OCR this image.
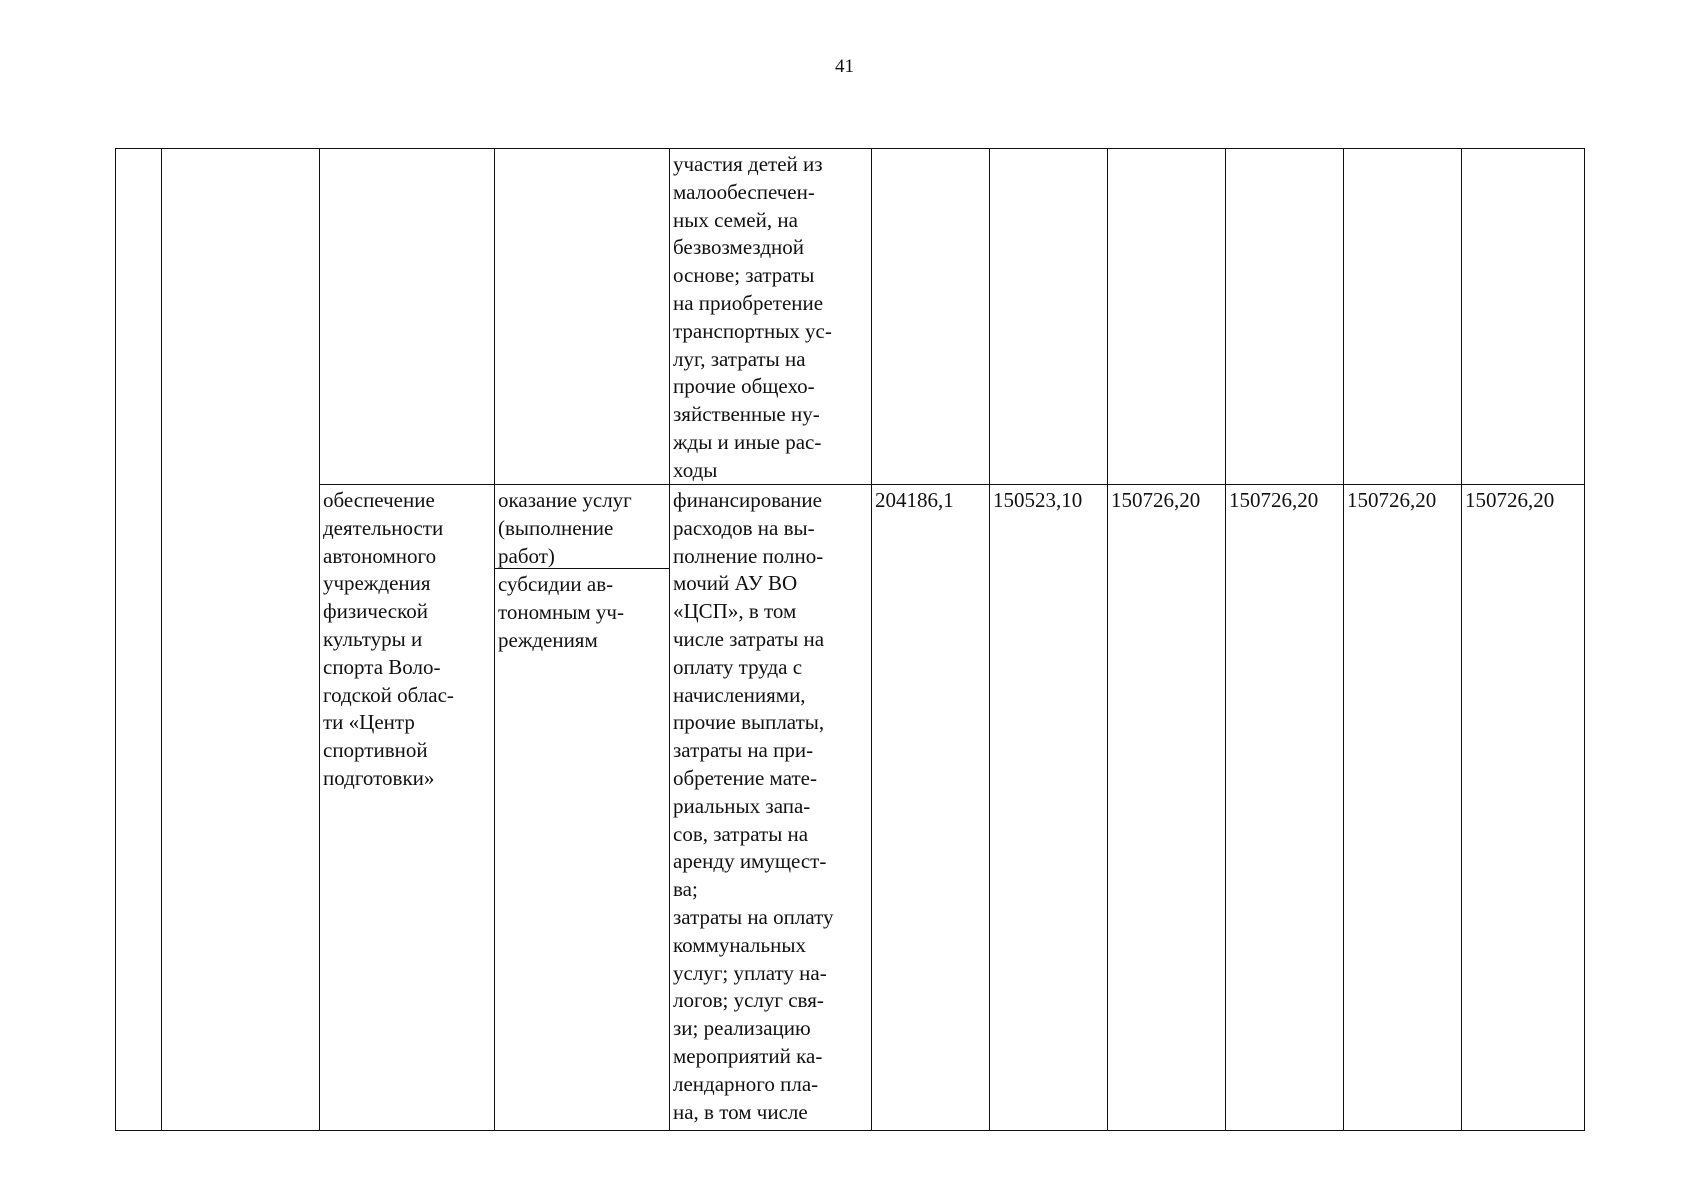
41
участия детей из
малообеспечен-
ных семей, на
безвозмездной
основе; затраты
на приобретение
транспортных ус-
луг, затраты на
прочие общехо-
зяйственные ну-
жды и иные рас-
ходы
обеспечение
деятельности
автономного
учреждения
физической
культуры и
спорта Воло-
годской облас-
ти «Центр
спортивной
подготовки»
оказание услуг
(выполнение
работ)
субсидии ав-
тономным уч-
реждениям
финансирование
расходов на вы-
полнение полно-
мочий АУ ВО
«ЦСП», в том
числе затраты на
оплату труда с
начислениями,
прочие выплаты,
затраты на при-
обретение мате-
риальных запа-
сов, затраты на
аренду имущест-
ва;
затраты на оплату
коммунальных
услуг; уплату на-
логов; услуг свя-
зи; реализацию
мероприятий ка-
лендарного пла-
на, в том числе
204186,1 150523,10 150726,20 150726,20 150726,20 150726,20
